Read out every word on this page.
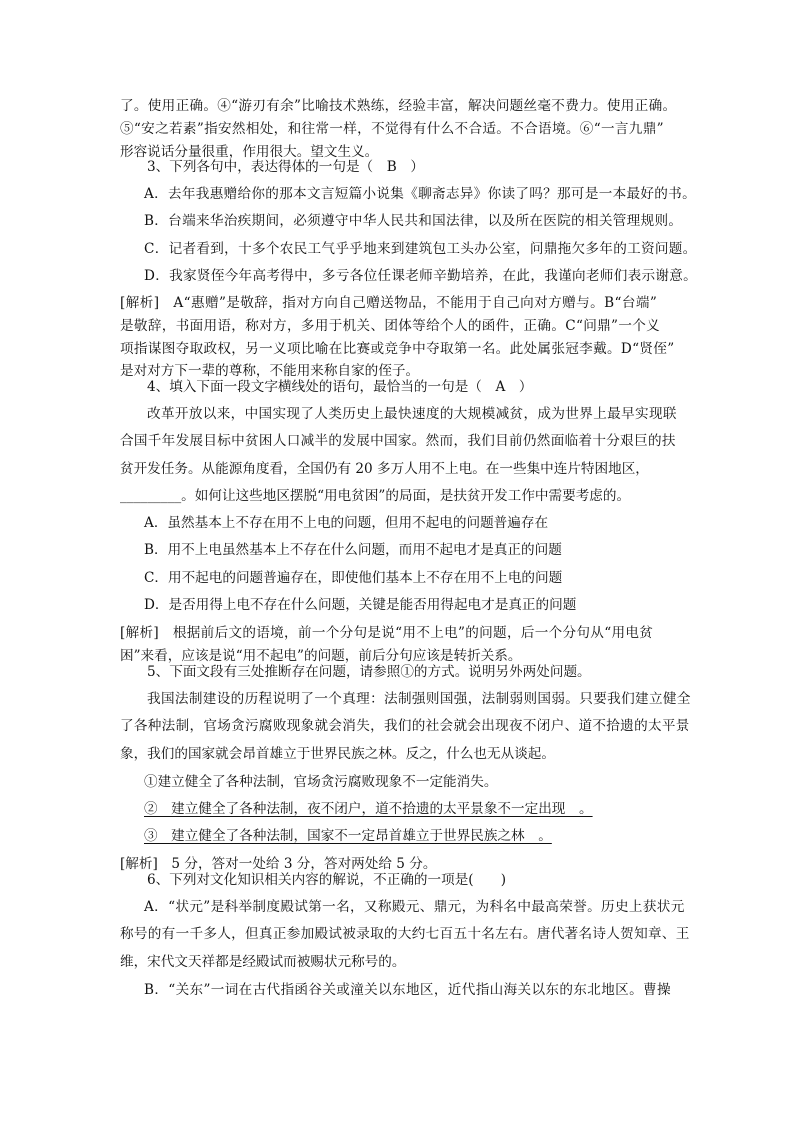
了。使用正确。④“游刃有余”比喻技术熟练，经验丰富，解决问题丝毫不费力。使用正确。
⑤“安之若素”指安然相处，和往常一样，不觉得有什么不合适。不合语境。⑥“一言九鼎”
形容说话分量很重，作用很大。望文生义。
3、下列各句中，表达得体的一句是（　B　）
A．去年我惠赠给你的那本文言短篇小说集《聊斋志异》你读了吗？那可是一本最好的书。
B．台端来华治疾期间，必须遵守中华人民共和国法律，以及所在医院的相关管理规则。
C．记者看到，十多个农民工气乎乎地来到建筑包工头办公室，问鼎拖欠多年的工资问题。
D．我家贤侄今年高考得中，多亏各位任课老师辛勤培养，在此，我谨向老师们表示谢意。
[解析]　A“惠赠”是敬辞，指对方向自己赠送物品，不能用于自己向对方赠与。B“台端”
是敬辞，书面用语，称对方，多用于机关、团体等给个人的函件，正确。C“问鼎”一个义
项指谋图夺取政权，另一义项比喻在比赛或竞争中夺取第一名。此处属张冠李戴。D“贤侄”
是对对方下一辈的尊称，不能用来称自家的侄子。
4、填入下面一段文字横线处的语句，最恰当的一句是（　A　）
改革开放以来，中国实现了人类历史上最快速度的大规模减贫，成为世界上最早实现联
合国千年发展目标中贫困人口减半的发展中国家。然而，我们目前仍然面临着十分艰巨的扶
贫开发任务。从能源角度看，全国仍有 20 多万人用不上电。在一些集中连片特困地区，
_________。如何让这些地区摆脱“用电贫困”的局面，是扶贫开发工作中需要考虑的。
A．虽然基本上不存在用不上电的问题，但用不起电的问题普遍存在
B．用不上电虽然基本上不存在什么问题，而用不起电才是真正的问题
C．用不起电的问题普遍存在，即使他们基本上不存在用不上电的问题
D．是否用得上电不存在什么问题，关键是能否用得起电才是真正的问题
[解析]　根据前后文的语境，前一个分句是说“用不上电”的问题，后一个分句从“用电贫
困”来看，应该是说“用不起电”的问题，前后分句应该是转折关系。
5、下面文段有三处推断存在问题，请参照①的方式。说明另外两处问题。
我国法制建设的历程说明了一个真理：法制强则国强，法制弱则国弱。只要我们建立健全
了各种法制，官场贪污腐败现象就会消失，我们的社会就会出现夜不闭户、道不拾遗的太平景
象，我们的国家就会昂首雄立于世界民族之林。反之，什么也无从谈起。
①建立健全了各种法制，官场贪污腐败现象不一定能消失。
②　建立健全了各种法制，夜不闭户，道不拾遗的太平景象不一定出现　。
③　建立健全了各种法制，国家不一定昂首雄立于世界民族之林　。
[解析]　5 分，答对一处给 3 分，答对两处给 5 分。
6、下列对文化知识相关内容的解说，不正确的一项是(　　)
A．“状元”是科举制度殿试第一名，又称殿元、鼎元，为科名中最高荣誉。历史上获状元
称号的有一千多人，但真正参加殿试被录取的大约七百五十名左右。唐代著名诗人贺知章、王
维，宋代文天祥都是经殿试而被赐状元称号的。
B．“关东”一词在古代指函谷关或潼关以东地区，近代指山海关以东的东北地区。曹操
